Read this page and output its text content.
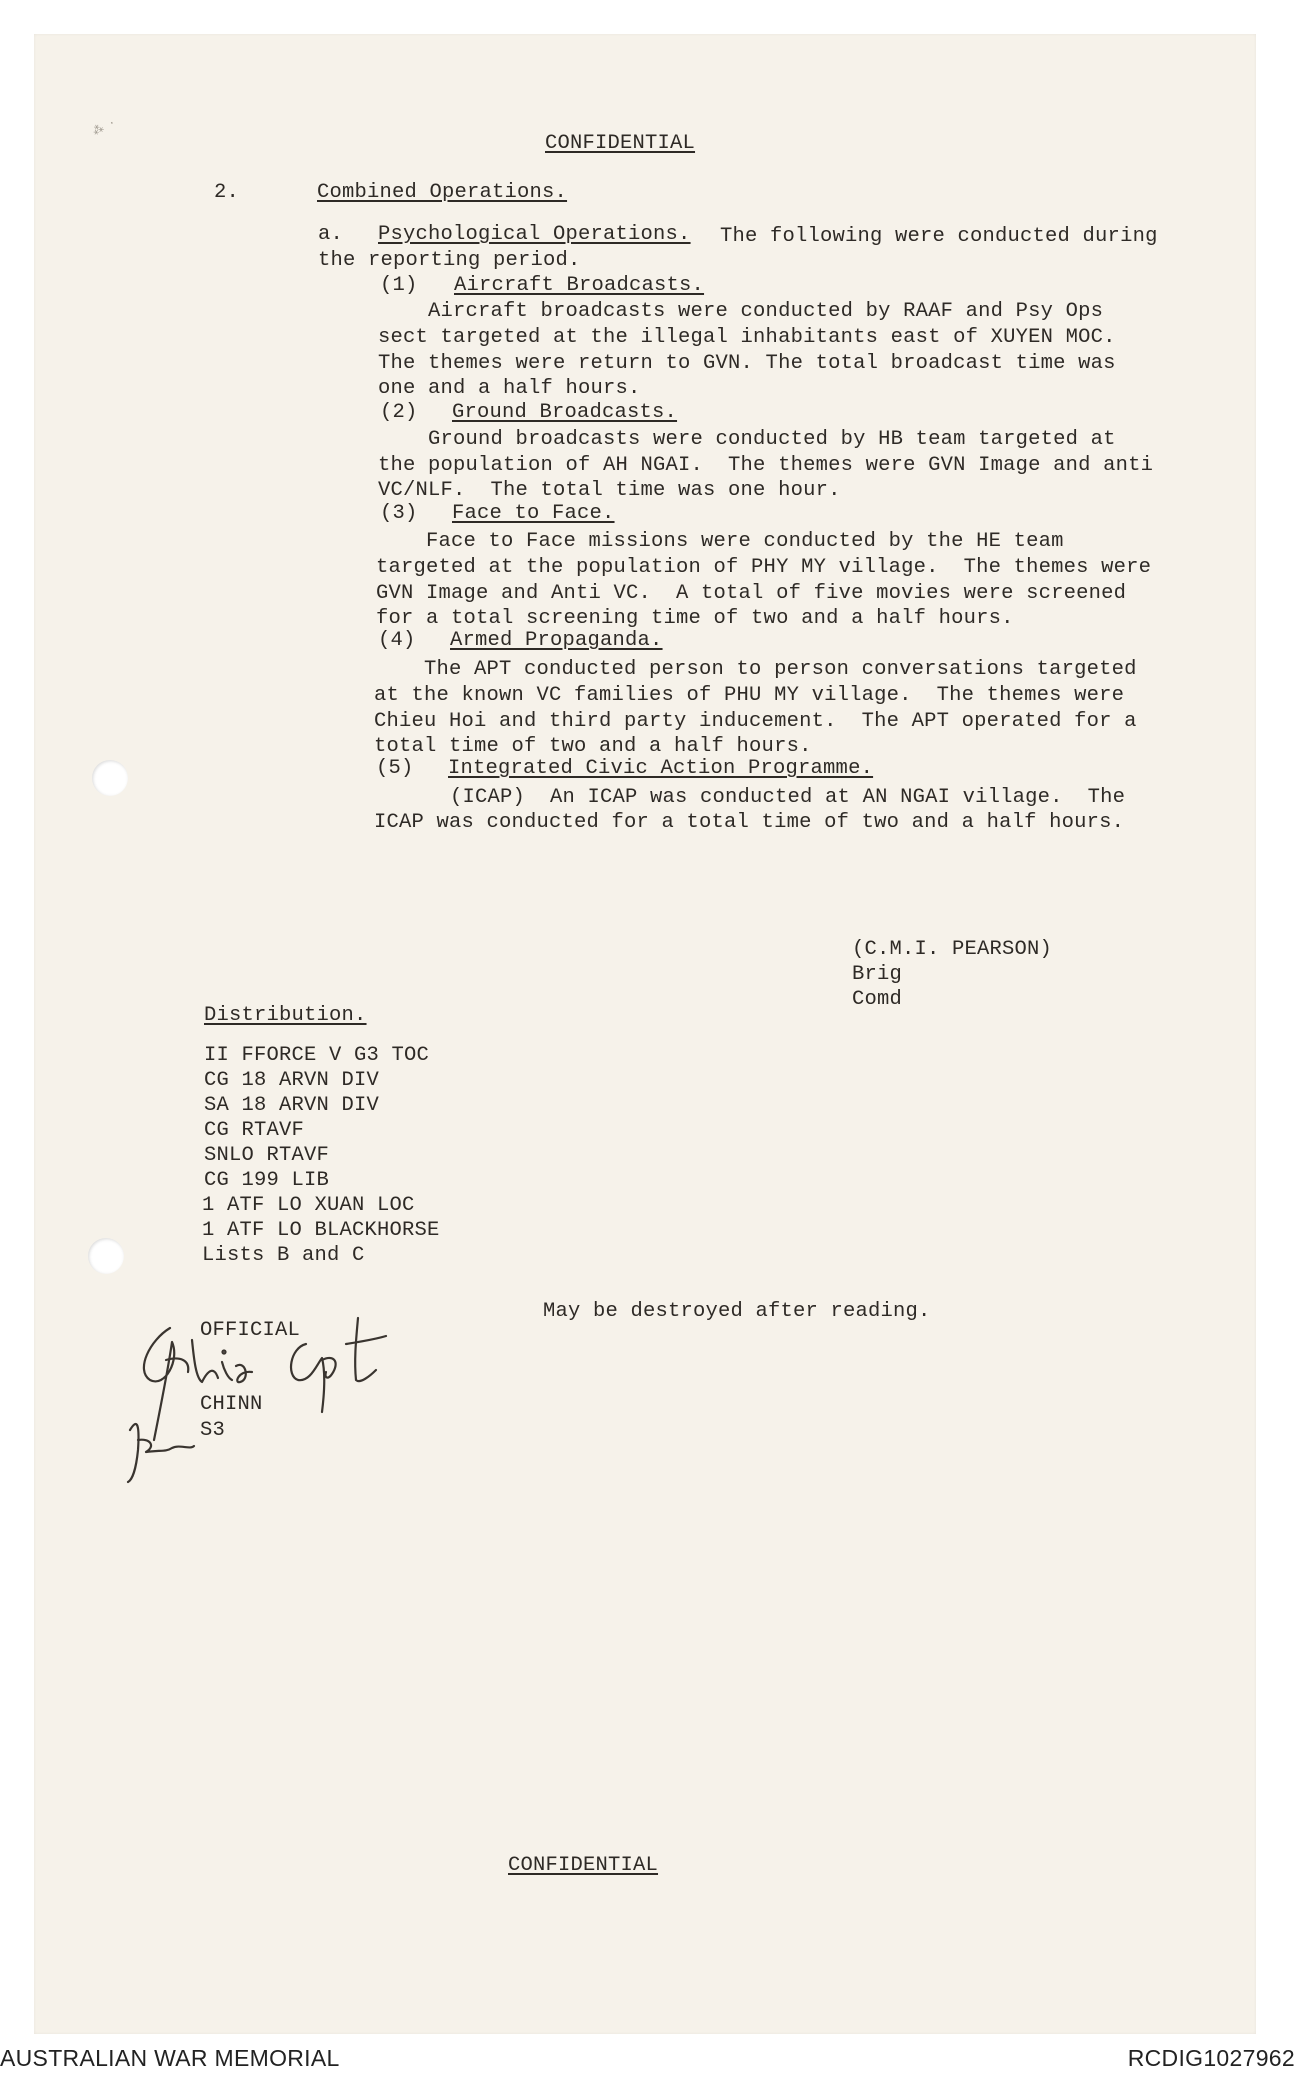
⁂ ·
CONFIDENTIAL
2.	Combined Operations.
a. Psychological Operations. The following were conducted during
the reporting period.
(1) Aircraft Broadcasts.
Aircraft broadcasts were conducted by RAAF and Psy Ops
sect targeted at the illegal inhabitants east of XUYEN MOC.
The themes were return to GVN. The total broadcast time was
one and a half hours.
(2) Ground Broadcasts.
Ground broadcasts were conducted by HB team targeted at
the population of AH NGAI.  The themes were GVN Image and anti
VC/NLF.  The total time was one hour.
(3) Face to Face.
Face to Face missions were conducted by the HE team
targeted at the population of PHY MY village.  The themes were
GVN Image and Anti VC.  A total of five movies were screened
for a total screening time of two and a half hours.
(4) Armed Propaganda.
The APT conducted person to person conversations targeted
at the known VC families of PHU MY village.  The themes were
Chieu Hoi and third party inducement.  The APT operated for a
total time of two and a half hours.
(5) Integrated Civic Action Programme.
(ICAP)  An ICAP was conducted at AN NGAI village.  The
ICAP was conducted for a total time of two and a half hours.
(C.M.I. PEARSON)
Brig
Comd
Distribution.
II FFORCE V G3 TOC
CG 18 ARVN DIV
SA 18 ARVN DIV
CG RTAVF
SNLO RTAVF
CG 199 LIB
1 ATF LO XUAN LOC
1 ATF LO BLACKHORSE
Lists B and C
May be destroyed after reading.
OFFICIAL
CHINN
S3
CONFIDENTIAL
AUSTRALIAN WAR MEMORIAL	RCDIG1027962
